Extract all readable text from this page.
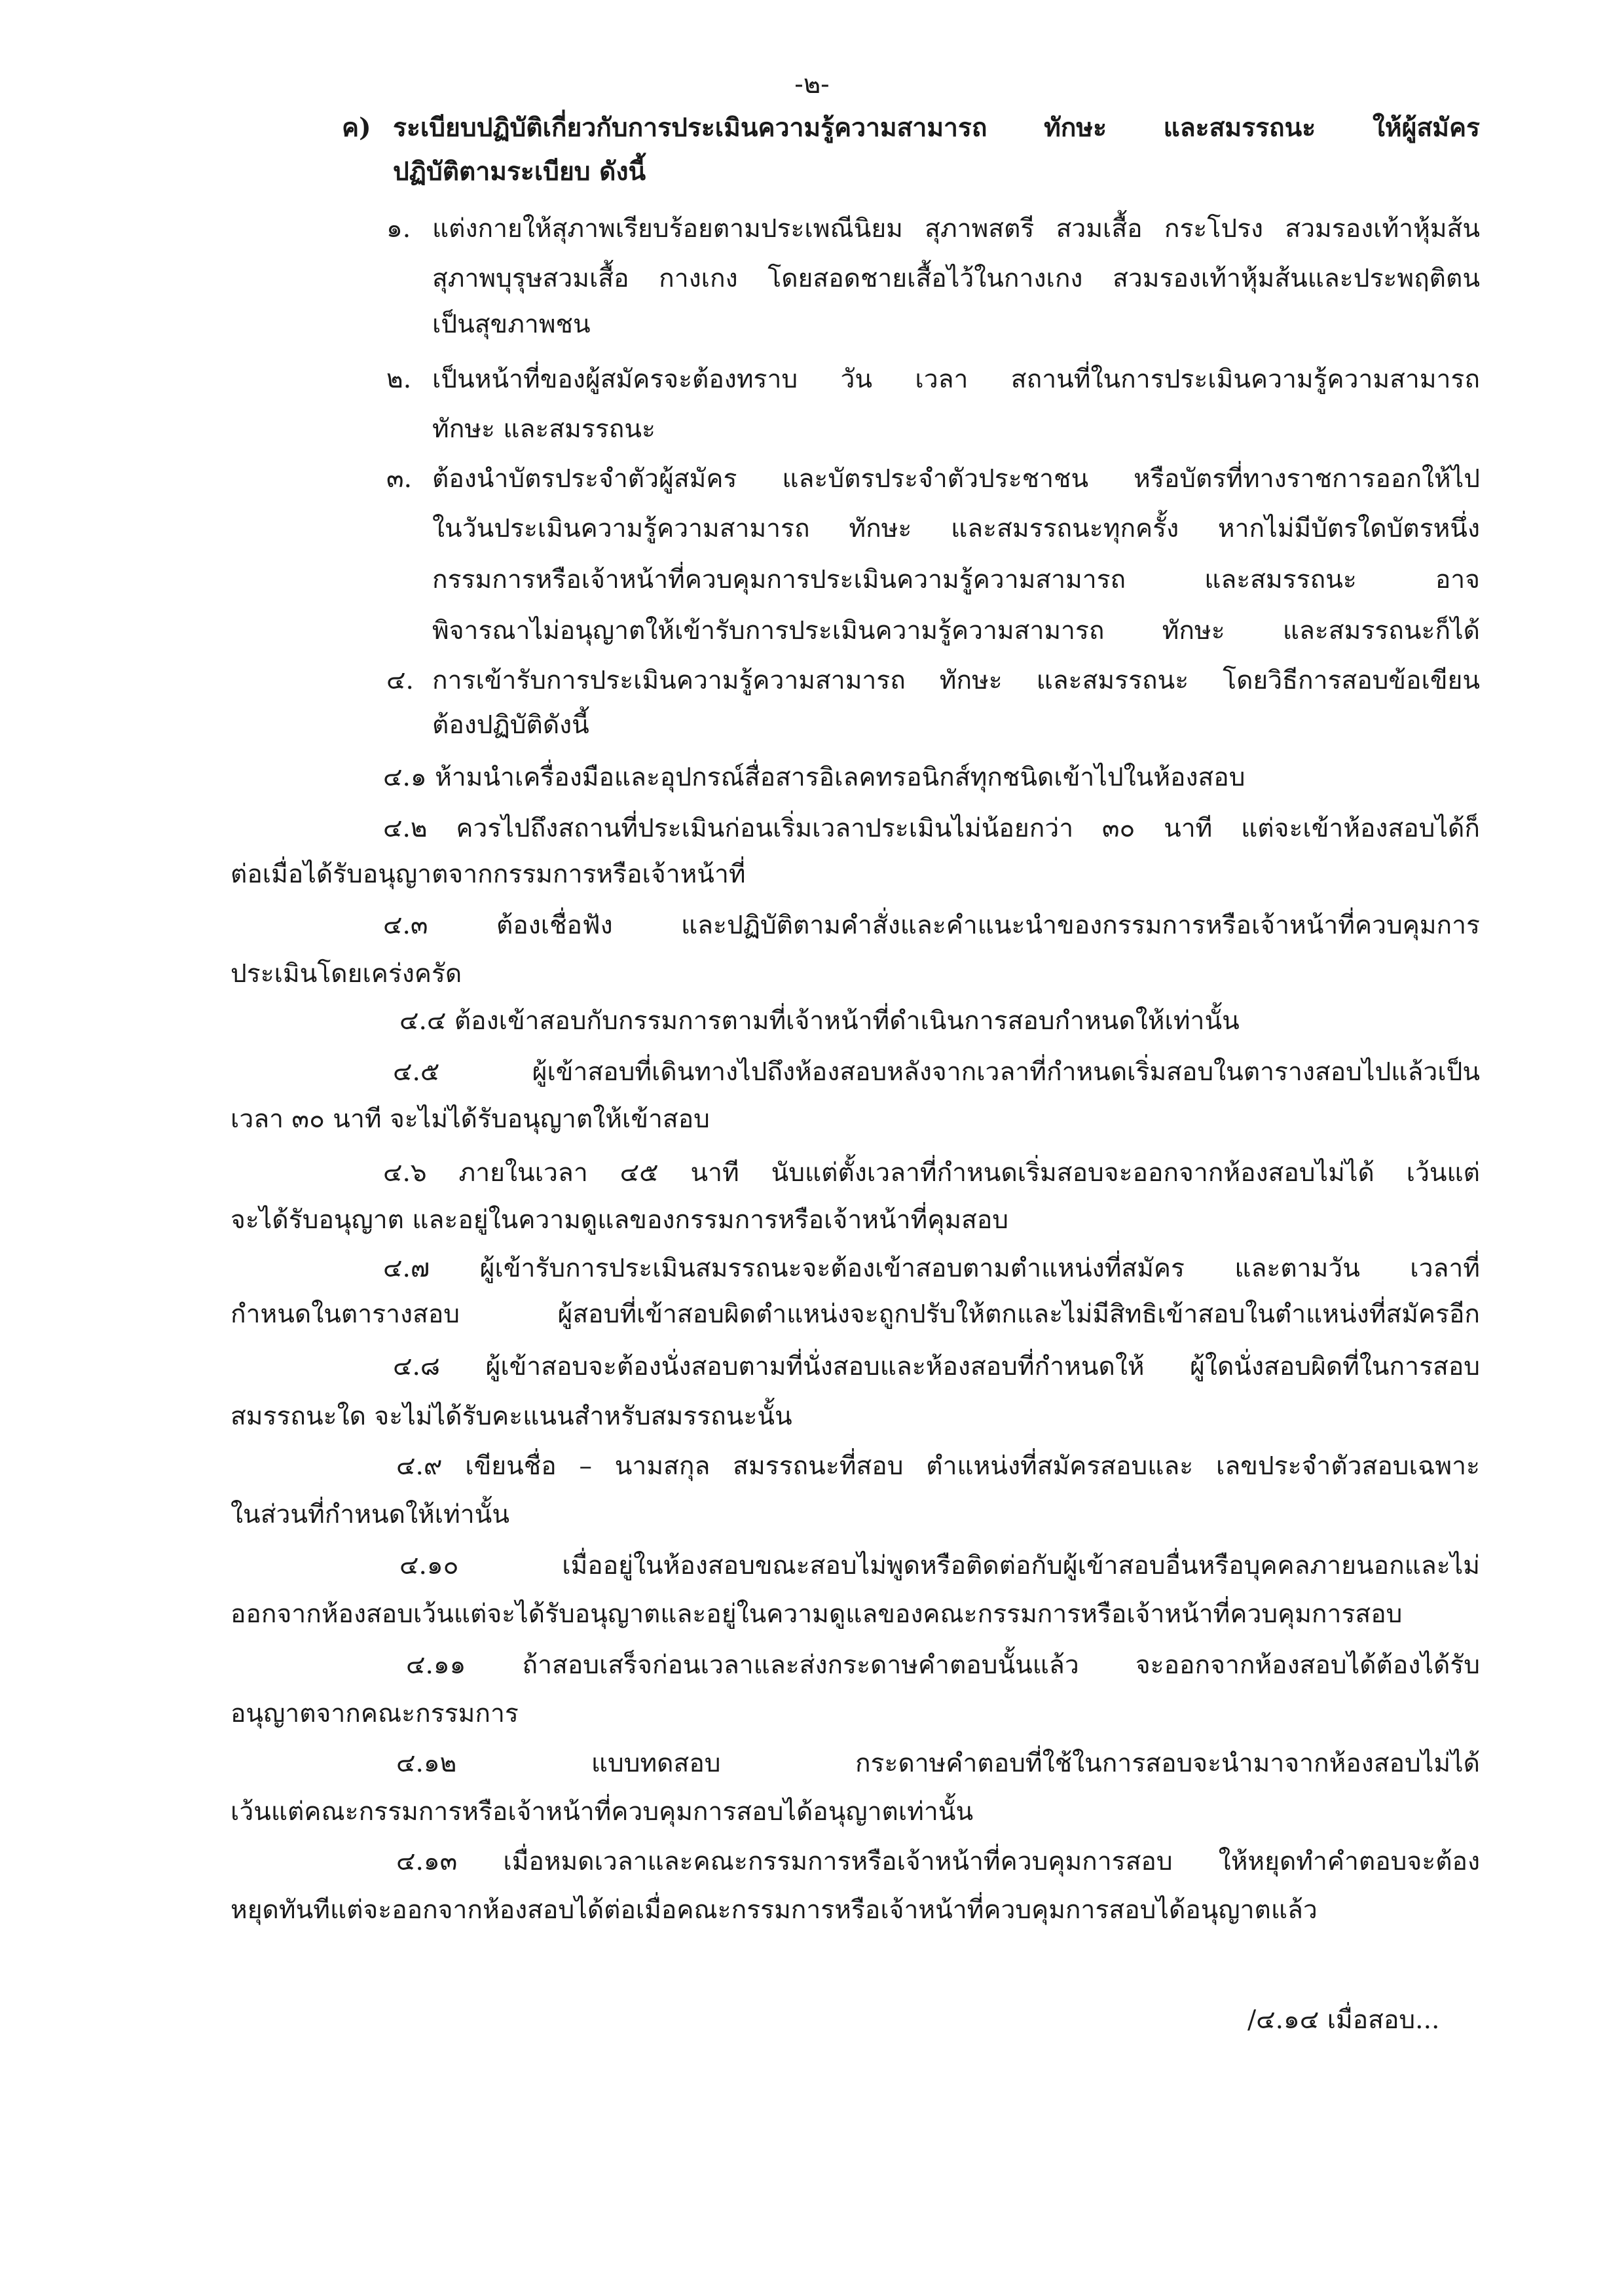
-๒-
ค) ระเบียบปฏิบัติเกี่ยวกับการประเมินความรู้ความสามารถ ทักษะ และสมรรถนะ ให้ผู้สมัคร
ปฏิบัติตามระเบียบ ดังนี้
๑. แต่งกายให้สุภาพเรียบร้อยตามประเพณีนิยม สุภาพสตรี สวมเสื้อ กระโปรง สวมรองเท้าหุ้มส้น
สุภาพบุรุษสวมเสื้อ กางเกง โดยสอดชายเสื้อไว้ในกางเกง สวมรองเท้าหุ้มส้นและประพฤติตน
เป็นสุขภาพชน
๒. เป็นหน้าที่ของผู้สมัครจะต้องทราบ วัน เวลา สถานที่ในการประเมินความรู้ความสามารถ
ทักษะ และสมรรถนะ
๓. ต้องนำบัตรประจำตัวผู้สมัคร และบัตรประจำตัวประชาชน หรือบัตรที่ทางราชการออกให้ไป
ในวันประเมินความรู้ความสามารถ ทักษะ และสมรรถนะทุกครั้ง หากไม่มีบัตรใดบัตรหนึ่ง
กรรมการหรือเจ้าหน้าที่ควบคุมการประเมินความรู้ความสามารถ และสมรรถนะ อาจ
พิจารณาไม่อนุญาตให้เข้ารับการประเมินความรู้ความสามารถ ทักษะ และสมรรถนะก็ได้
๔. การเข้ารับการประเมินความรู้ความสามารถ ทักษะ และสมรรถนะ โดยวิธีการสอบข้อเขียน
ต้องปฏิบัติดังนี้
๔.๑ ห้ามนำเครื่องมือและอุปกรณ์สื่อสารอิเลคทรอนิกส์ทุกชนิดเข้าไปในห้องสอบ
๔.๒ ควรไปถึงสถานที่ประเมินก่อนเริ่มเวลาประเมินไม่น้อยกว่า ๓๐ นาที แต่จะเข้าห้องสอบได้ก็
ต่อเมื่อได้รับอนุญาตจากกรรมการหรือเจ้าหน้าที่
๔.๓ ต้องเชื่อฟัง และปฏิบัติตามคำสั่งและคำแนะนำของกรรมการหรือเจ้าหน้าที่ควบคุมการ
ประเมินโดยเคร่งครัด
๔.๔ ต้องเข้าสอบกับกรรมการตามที่เจ้าหน้าที่ดำเนินการสอบกำหนดให้เท่านั้น
๔.๕ ผู้เข้าสอบที่เดินทางไปถึงห้องสอบหลังจากเวลาที่กำหนดเริ่มสอบในตารางสอบไปแล้วเป็น
เวลา ๓๐ นาที จะไม่ได้รับอนุญาตให้เข้าสอบ
๔.๖ ภายในเวลา ๔๕ นาที นับแต่ตั้งเวลาที่กำหนดเริ่มสอบจะออกจากห้องสอบไม่ได้ เว้นแต่
จะได้รับอนุญาต และอยู่ในความดูแลของกรรมการหรือเจ้าหน้าที่คุมสอบ
๔.๗ ผู้เข้ารับการประเมินสมรรถนะจะต้องเข้าสอบตามตำแหน่งที่สมัคร และตามวัน เวลาที่
กำหนดในตารางสอบ ผู้สอบที่เข้าสอบผิดตำแหน่งจะถูกปรับให้ตกและไม่มีสิทธิเข้าสอบในตำแหน่งที่สมัครอีก
๔.๘ ผู้เข้าสอบจะต้องนั่งสอบตามที่นั่งสอบและห้องสอบที่กำหนดให้ ผู้ใดนั่งสอบผิดที่ในการสอบ
สมรรถนะใด จะไม่ได้รับคะแนนสำหรับสมรรถนะนั้น
๔.๙ เขียนชื่อ – นามสกุล สมรรถนะที่สอบ ตำแหน่งที่สมัครสอบและ เลขประจำตัวสอบเฉพาะ
ในส่วนที่กำหนดให้เท่านั้น
๔.๑๐ เมื่ออยู่ในห้องสอบขณะสอบไม่พูดหรือติดต่อกับผู้เข้าสอบอื่นหรือบุคคลภายนอกและไม่
ออกจากห้องสอบเว้นแต่จะได้รับอนุญาตและอยู่ในความดูแลของคณะกรรมการหรือเจ้าหน้าที่ควบคุมการสอบ
๔.๑๑ ถ้าสอบเสร็จก่อนเวลาและส่งกระดาษคำตอบนั้นแล้ว จะออกจากห้องสอบได้ต้องได้รับ
อนุญาตจากคณะกรรมการ
๔.๑๒ แบบทดสอบ กระดาษคำตอบที่ใช้ในการสอบจะนำมาจากห้องสอบไม่ได้
เว้นแต่คณะกรรมการหรือเจ้าหน้าที่ควบคุมการสอบได้อนุญาตเท่านั้น
๔.๑๓ เมื่อหมดเวลาและคณะกรรมการหรือเจ้าหน้าที่ควบคุมการสอบ ให้หยุดทำคำตอบจะต้อง
หยุดทันทีแต่จะออกจากห้องสอบได้ต่อเมื่อคณะกรรมการหรือเจ้าหน้าที่ควบคุมการสอบได้อนุญาตแล้ว
/๔.๑๔ เมื่อสอบ...
